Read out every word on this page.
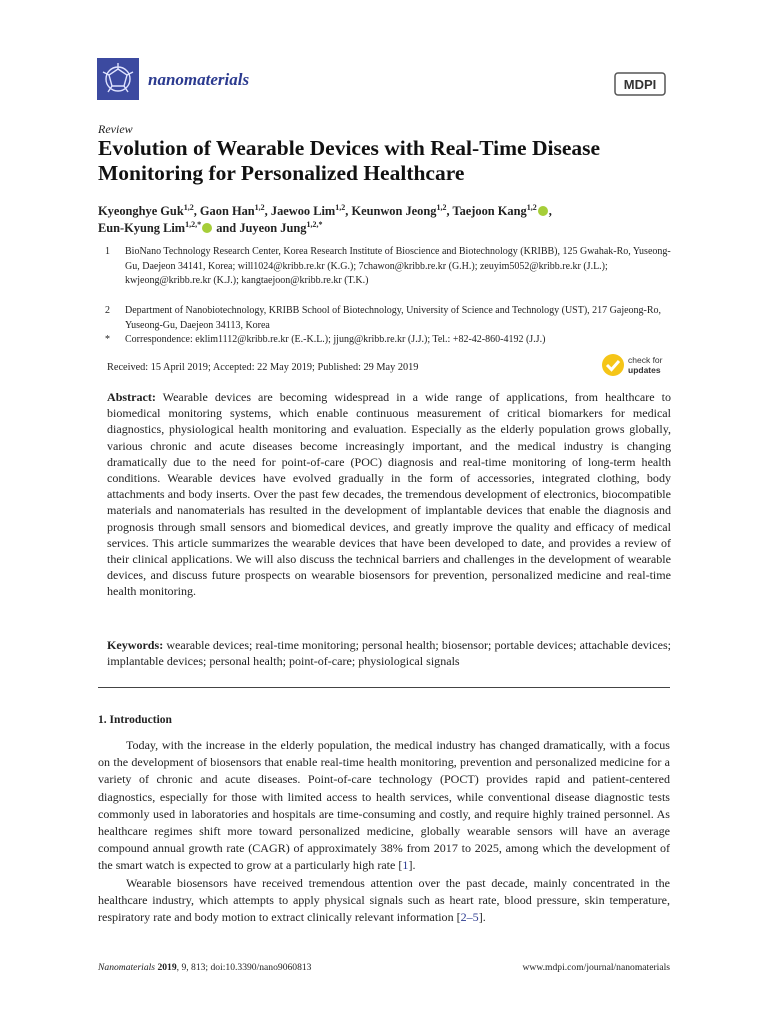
nanomaterials	MDPI
Review
Evolution of Wearable Devices with Real-Time Disease Monitoring for Personalized Healthcare
Kyeonghye Guk$^{1,2}$, Gaon Han$^{1,2}$, Jaewoo Lim$^{1,2}$, Keunwon Jeong$^{1,2}$, Taejoon Kang$^{1,2}$ ,
Eun-Kyung Lim$^{1,2,*}$ and Juyeon Jung$^{1,2,*}$
1 BioNano Technology Research Center, Korea Research Institute of Bioscience and Biotechnology (KRIBB), 125 Gwahak-Ro, Yuseong-Gu, Daejeon 34141, Korea; will1024@kribb.re.kr (K.G.); 7chawon@kribb.re.kr (G.H.); zeuyim5052@kribb.re.kr (J.L.); kwjeong@kribb.re.kr (K.J.); kangtaejoon@kribb.re.kr (T.K.)
2 Department of Nanobiotechnology, KRIBB School of Biotechnology, University of Science and Technology (UST), 217 Gajeong-Ro, Yuseong-Gu, Daejeon 34113, Korea
* Correspondence: eklim1112@kribb.re.kr (E.-K.L.); jjung@kribb.re.kr (J.J.); Tel.: +82-42-860-4192 (J.J.)
Received: 15 April 2019; Accepted: 22 May 2019; Published: 29 May 2019
check for
updates
Abstract: Wearable devices are becoming widespread in a wide range of applications, from healthcare to biomedical monitoring systems, which enable continuous measurement of critical biomarkers for medical diagnostics, physiological health monitoring and evaluation. Especially as the elderly population grows globally, various chronic and acute diseases become increasingly important, and the medical industry is changing dramatically due to the need for point-of-care (POC) diagnosis and real-time monitoring of long-term health conditions. Wearable devices have evolved gradually in the form of accessories, integrated clothing, body attachments and body inserts. Over the past few decades, the tremendous development of electronics, biocompatible materials and nanomaterials has resulted in the development of implantable devices that enable the diagnosis and prognosis through small sensors and biomedical devices, and greatly improve the quality and efficacy of medical services. This article summarizes the wearable devices that have been developed to date, and provides a review of their clinical applications. We will also discuss the technical barriers and challenges in the development of wearable devices, and discuss future prospects on wearable biosensors for prevention, personalized medicine and real-time health monitoring.
Keywords: wearable devices; real-time monitoring; personal health; biosensor; portable devices; attachable devices; implantable devices; personal health; point-of-care; physiological signals
1. Introduction

Today, with the increase in the elderly population, the medical industry has changed dramatically, with a focus on the development of biosensors that enable real-time health monitoring, prevention and personalized medicine for a variety of chronic and acute diseases. Point-of-care technology (POCT) provides rapid and patient-centered diagnostics, especially for those with limited access to health services, while conventional disease diagnostic tests commonly used in laboratories and hospitals are time-consuming and costly, and require highly trained personnel. As healthcare regimes shift more toward personalized medicine, globally wearable sensors will have an average compound annual growth rate (CAGR) of approximately 38% from 2017 to 2025, among which the development of the smart watch is expected to grow at a particularly high rate [1].

Wearable biosensors have received tremendous attention over the past decade, mainly concentrated in the healthcare industry, which attempts to apply physical signals such as heart rate, blood pressure, skin temperature, respiratory rate and body motion to extract clinically relevant information [2–5].

Nanomaterials 2019, 9, 813; doi:10.3390/nano9060813	www.mdpi.com/journal/nanomaterials
